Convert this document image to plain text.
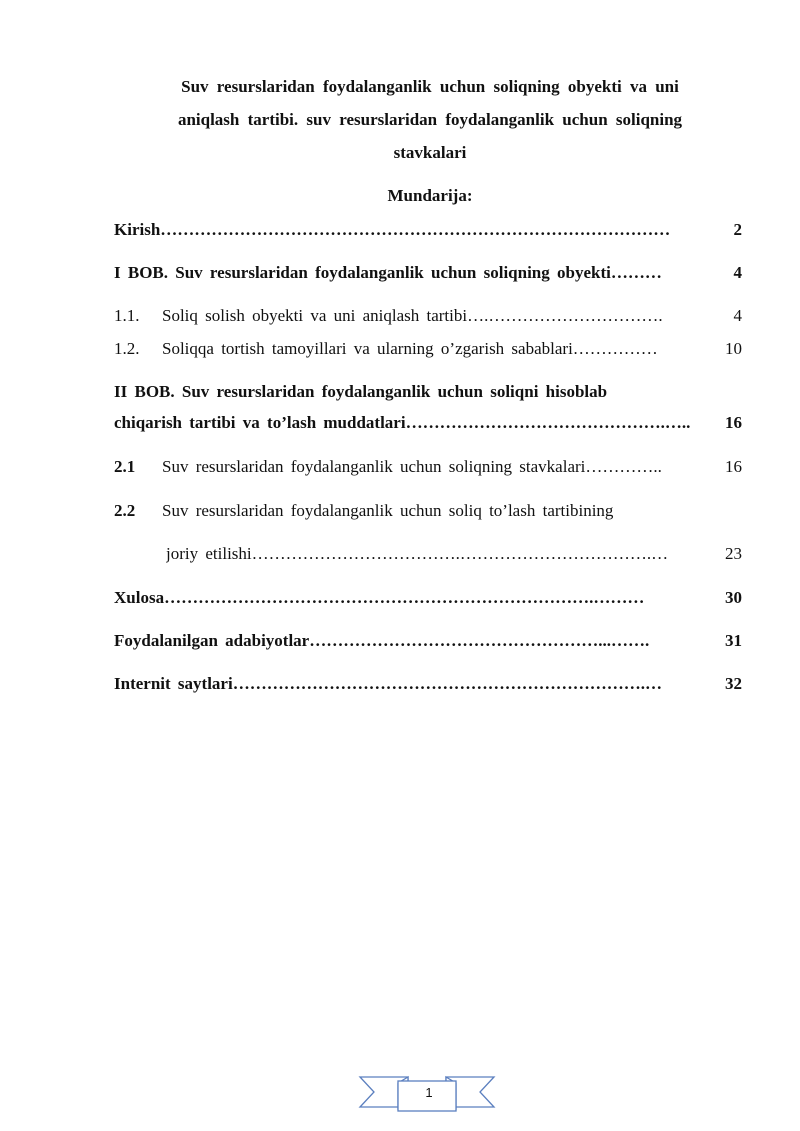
Suv resurslaridan foydalanganlik uchun soliqning obyekti va uni
aniqlash tartibi. suv resurslaridan foydalanganlik uchun soliqning
stavkalari
Mundarija:
Kirish ………………………………………………………………………………	2
I BOB. Suv resurslaridan foydalanganlik uchun soliqning obyekti ………	4
1.1.	Soliq solish obyekti va uni aniqlash tartibi ….………………………….	4
1.2.	Soliqqa tortish tamoyillari va ularning o’zgarish sabablari ……………	10
II BOB. Suv resurslaridan foydalanganlik uchun soliqni hisoblab
chiqarish tartibi va to’lash muddatlari ……………………………………….…..	16
2.1	Suv resurslaridan foydalanganlik uchun soliqning stavkalari …………..	16
2.2 Suv resurslaridan foydalanganlik uchun soliq to’lash tartibining
joriy etilishi ……………………………….…………………………….…	23
Xulosa ………………………………………………………………….………	30
Foydalanilgan adabiyotlar ……………………………………………...…….	31
Internit saytlari ……………………………………………………………….…	32
1
